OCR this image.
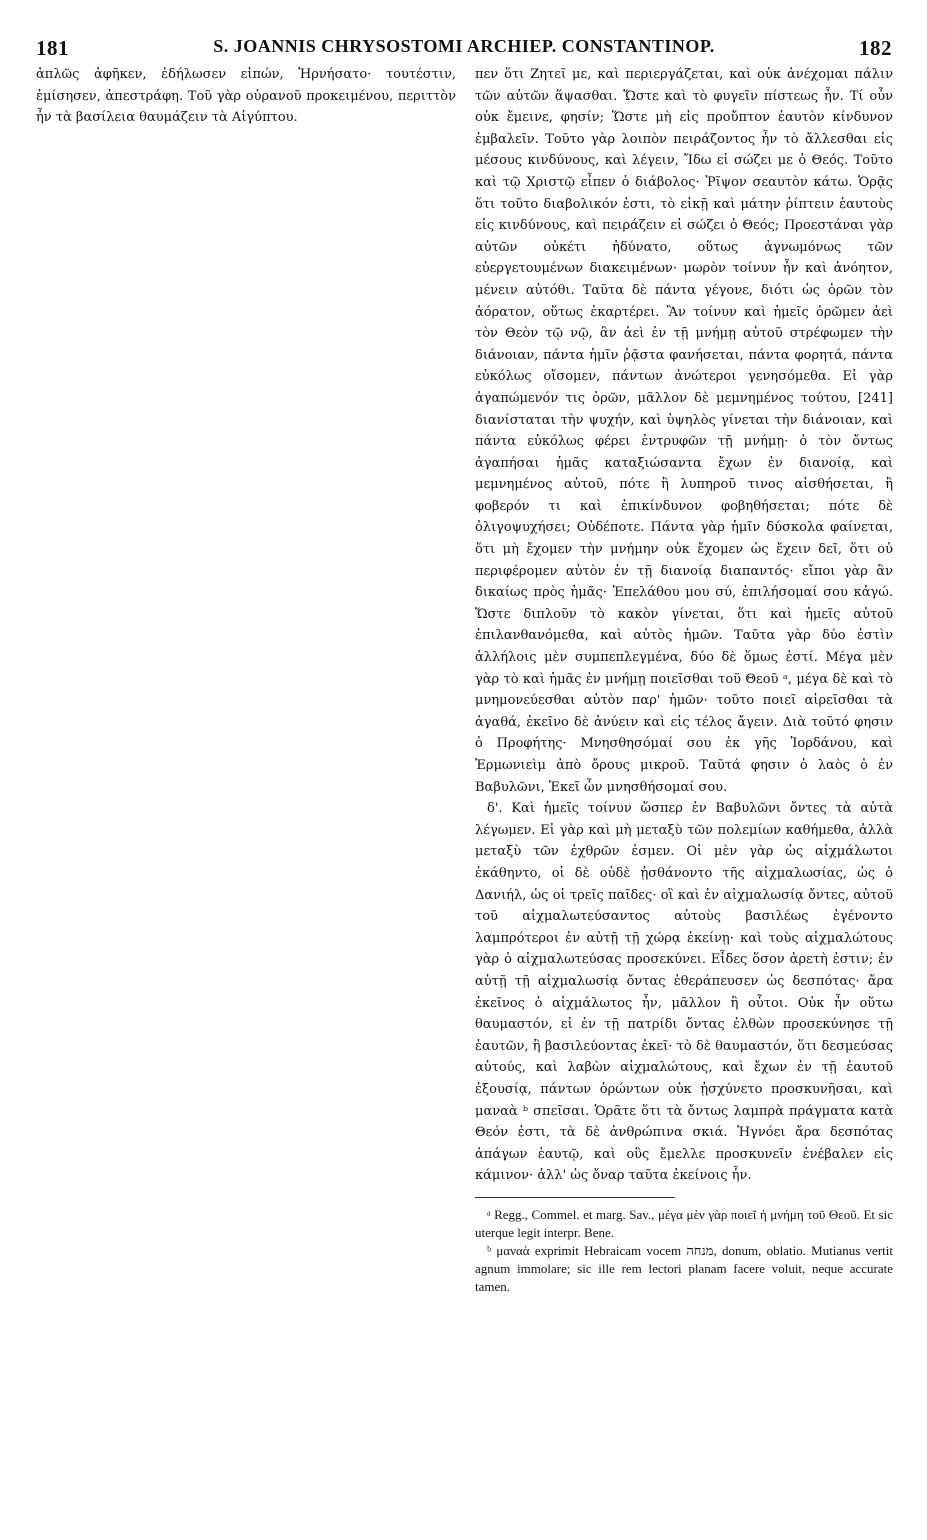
181	S. JOANNIS CHRYSOSTOMI ARCHIEP. CONSTANTINOP.	182

ἁπλῶς ἀφῆκεν, ἐδήλωσεν εἰπών, Ἠρνήσατο· τουτέστιν, ἐμίσησεν, ἀπεστράφη. Τοῦ γὰρ οὐρανοῦ προκειμένου, περιττὸν ἦν τὰ βασίλεια θαυμάζειν τὰ Αἰγύπτου.

πεν ὅτι Ζητεῖ με, καὶ περιεργάζεται, καὶ οὐκ ἀνέχομαι πάλιν τῶν αὐτῶν ἅψασθαι. Ὥστε καὶ τὸ φυγεῖν πίστεως ἦν. Τί οὖν οὐκ ἔμεινε, φησίν; Ὥστε μὴ εἰς προὔπτον ἑαυτὸν κίνδυνον ἐμβαλεῖν. Τοῦτο γὰρ λοιπὸν πειράζοντος ἦν τὸ ἄλλεσθαι εἰς μέσους κινδύνους, καὶ λέγειν, Ἴδω εἰ σώζει με ὁ Θεός. Τοῦτο καὶ τῷ Χριστῷ εἶπεν ὁ διάβολος· Ῥῖψον σεαυτὸν κάτω. Ὁρᾷς ὅτι τοῦτο διαβολικόν ἐστι, τὸ εἰκῇ καὶ μάτην ῥίπτειν ἑαυτοὺς εἰς κινδύνους, καὶ πειράζειν εἰ σώζει ὁ Θεός; Προεστάναι γὰρ αὐτῶν οὐκέτι ἠδύνατο, οὕτως ἀγνωμόνως τῶν εὐεργετουμένων διακειμένων· μωρὸν τοίνυν ἦν καὶ ἀνόητον, μένειν αὐτόθι. Ταῦτα δὲ πάντα γέγονε, διότι ὡς ὁρῶν τὸν ἀόρατον, οὕτως ἐκαρτέρει. Ἂν τοίνυν καὶ ἡμεῖς ὁρῶμεν ἀεὶ τὸν Θεὸν τῷ νῷ, ἂν ἀεὶ ἐν τῇ μνήμῃ αὐτοῦ στρέφωμεν τὴν διάνοιαν, πάντα ἡμῖν ῥᾷστα φανήσεται, πάντα φορητά, πάντα εὐκόλως οἴσομεν, πάντων ἀνώτεροι γενησόμεθα. Εἰ γὰρ ἀγαπώμενόν τις ὁρῶν, μᾶλλον δὲ μεμνημένος τούτου, [241] διανίσταται τὴν ψυχήν, καὶ ὑψηλὸς γίνεται τὴν διάνοιαν, καὶ πάντα εὐκόλως φέρει ἐντρυφῶν τῇ μνήμῃ· ὁ τὸν ὄντως ἀγαπήσαι ἡμᾶς καταξιώσαντα ἔχων ἐν διανοίᾳ, καὶ μεμνημένος αὐτοῦ, πότε ἢ λυπηροῦ τινος αἰσθήσεται, ἢ φοβερόν τι καὶ ἐπικίνδυνον φοβηθήσεται; πότε δὲ ὀλιγοψυχήσει; Οὐδέποτε. Πάντα γὰρ ἡμῖν δύσκολα φαίνεται, ὅτι μὴ ἔχομεν τὴν μνήμην οὐκ ἔχομεν ὡς ἔχειν δεῖ, ὅτι οὐ περιφέρομεν αὐτὸν ἐν τῇ διανοίᾳ διαπαντός· εἴποι γὰρ ἂν δικαίως πρὸς ἡμᾶς· Ἐπελάθου μου σύ, ἐπιλήσομαί σου κἀγώ. Ὥστε διπλοῦν τὸ κακὸν γίνεται, ὅτι καὶ ἡμεῖς αὐτοῦ ἐπιλανθανόμεθα, καὶ αὐτὸς ἡμῶν. Ταῦτα γὰρ δύο ἐστὶν ἀλλήλοις μὲν συμπεπλεγμένα, δύο δὲ ὅμως ἐστί. Μέγα μὲν γὰρ τὸ καὶ ἡμᾶς ἐν μνήμῃ ποιεῖσθαι τοῦ Θεοῦ ᵃ, μέγα δὲ καὶ τὸ μνημονεύεσθαι αὐτὸν παρ' ἡμῶν· τοῦτο ποιεῖ αἱρεῖσθαι τὰ ἀγαθά, ἐκεῖνο δὲ ἀνύειν καὶ εἰς τέλος ἄγειν. Διὰ τοῦτό φησιν ὁ Προφήτης· Μνησθησόμαί σου ἐκ γῆς Ἰορδάνου, καὶ Ἑρμωνιεὶμ ἀπὸ ὄρους μικροῦ. Ταῦτά φησιν ὁ λαὸς ὁ ἐν Βαβυλῶνι, Ἐκεῖ ὧν μνησθήσομαί σου.

δ'. Καὶ ἡμεῖς τοίνυν ὥσπερ ἐν Βαβυλῶνι ὄντες τὰ αὐτὰ λέγωμεν. Εἰ γὰρ καὶ μὴ μεταξὺ τῶν πολεμίων καθήμεθα, ἀλλὰ μεταξὺ τῶν ἐχθρῶν ἐσμεν. Οἱ μὲν γὰρ ὡς αἰχμάλωτοι ἐκάθηντο, οἱ δὲ οὐδὲ ᾐσθάνοντο τῆς αἰχμαλωσίας, ὡς ὁ Δανιήλ, ὡς οἱ τρεῖς παῖδες· οἳ καὶ ἐν αἰχμαλωσίᾳ ὄντες, αὐτοῦ τοῦ αἰχμαλωτεύσαντος αὐτοὺς βασιλέως ἐγένοντο λαμπρότεροι ἐν αὐτῇ τῇ χώρᾳ ἐκείνῃ· καὶ τοὺς αἰχμαλώτους γὰρ ὁ αἰχμαλωτεύσας προσεκύνει. Εἶδες ὅσον ἀρετὴ ἐστιν; ἐν αὐτῇ τῇ αἰχμαλωσίᾳ ὄντας ἐθεράπευσεν ὡς δεσπότας· ἄρα ἐκεῖνος ὁ αἰχμάλωτος ἦν, μᾶλλον ἢ οὗτοι. Οὐκ ἦν οὕτω θαυμαστόν, εἰ ἐν τῇ πατρίδι ὄντας ἐλθὼν προσεκύνησε τῇ ἑαυτῶν, ἢ βασιλεύοντας ἐκεῖ· τὸ δὲ θαυμαστόν, ὅτι δεσμεύσας αὐτούς, καὶ λαβὼν αἰχμαλώτους, καὶ ἔχων ἐν τῇ ἑαυτοῦ ἐξουσίᾳ, πάντων ὁρώντων οὐκ ᾐσχύνετο προσκυνῆσαι, καὶ μαναὰ ᵇ σπεῖσαι. Ὁρᾶτε ὅτι τὰ ὄντως λαμπρὰ πράγματα κατὰ Θεόν ἐστι, τὰ δὲ ἀνθρώπινα σκιά. Ἠγνόει ἄρα δεσπότας ἀπάγων ἑαυτῷ, καὶ οὓς ἔμελλε προσκυνεῖν ἐνέβαλεν εἰς κάμινον· ἀλλ' ὡς ὄναρ ταῦτα ἐκείνοις ἦν.

ᵃ Regg., Commel. et marg. Sav., μέγα μὲν γὰρ ποιεῖ ἡ μνήμη τοῦ Θεοῦ. Et sic uterque legit interpr. Bene.

ᵇ μαναὰ exprimit Hebraicam vocem מנחה, donum, oblatio. Mutianus vertit agnum immolare; sic ille rem lectori planam facere voluit, neque accurate tamen.
